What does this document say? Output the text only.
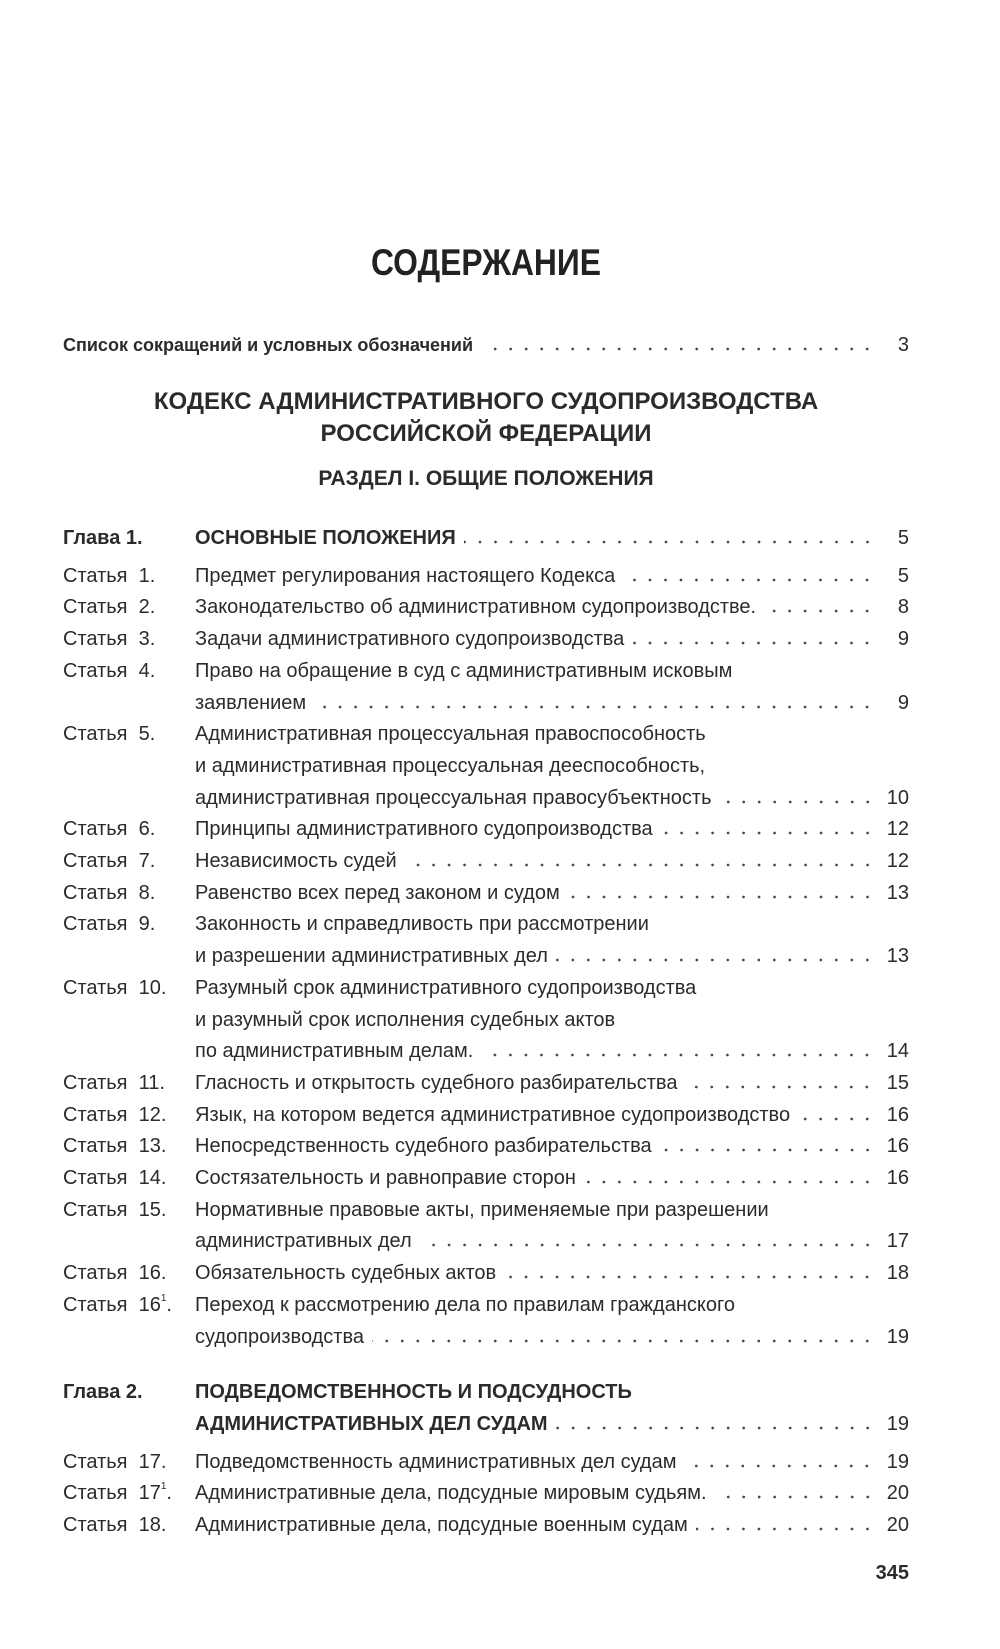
СОДЕРЖАНИЕ
Список сокращений и условных обозначений	3
КОДЕКС АДМИНИСТРАТИВНОГО СУДОПРОИЗВОДСТВА
РОССИЙСКОЙ ФЕДЕРАЦИИ
РАЗДЕЛ I. ОБЩИЕ ПОЛОЖЕНИЯ
Глава 1.	ОСНОВНЫЕ ПОЛОЖЕНИЯ	5
Статья  1.	Предмет регулирования настоящего Кодекса	5
Статья  2.	Законодательство об административном судопроизводстве.	8
Статья  3.	Задачи административного судопроизводства	9
Статья  4.	Право на обращение в суд с административным исковым
заявлением	9
Статья  5.	Административная процессуальная правоспособность
и административная процессуальная дееспособность,
административная процессуальная правосубъектность	10
Статья  6.	Принципы административного судопроизводства	12
Статья  7.	Независимость судей	12
Статья  8.	Равенство всех перед законом и судом	13
Статья  9.	Законность и справедливость при рассмотрении
и разрешении административных дел	13
Статья  10.	Разумный срок административного судопроизводства
и разумный срок исполнения судебных актов
по административным делам.	14
Статья  11.	Гласность и открытость судебного разбирательства	15
Статья  12.	Язык, на котором ведется административное судопроизводство	16
Статья  13.	Непосредственность судебного разбирательства	16
Статья  14.	Состязательность и равноправие сторон	16
Статья  15.	Нормативные правовые акты, применяемые при разрешении
административных дел	17
Статья  16.	Обязательность судебных актов	18
Статья  $16^1$.	Переход к рассмотрению дела по правилам гражданского
судопроизводства	19
Глава 2.	ПОДВЕДОМСТВЕННОСТЬ И ПОДСУДНОСТЬ
АДМИНИСТРАТИВНЫХ ДЕЛ СУДАМ	19
Статья  17.	Подведомственность административных дел судам	19
Статья  $17^1$.	Административные дела, подсудные мировым судьям.	20
Статья  18.	Административные дела, подсудные военным судам	20
345
